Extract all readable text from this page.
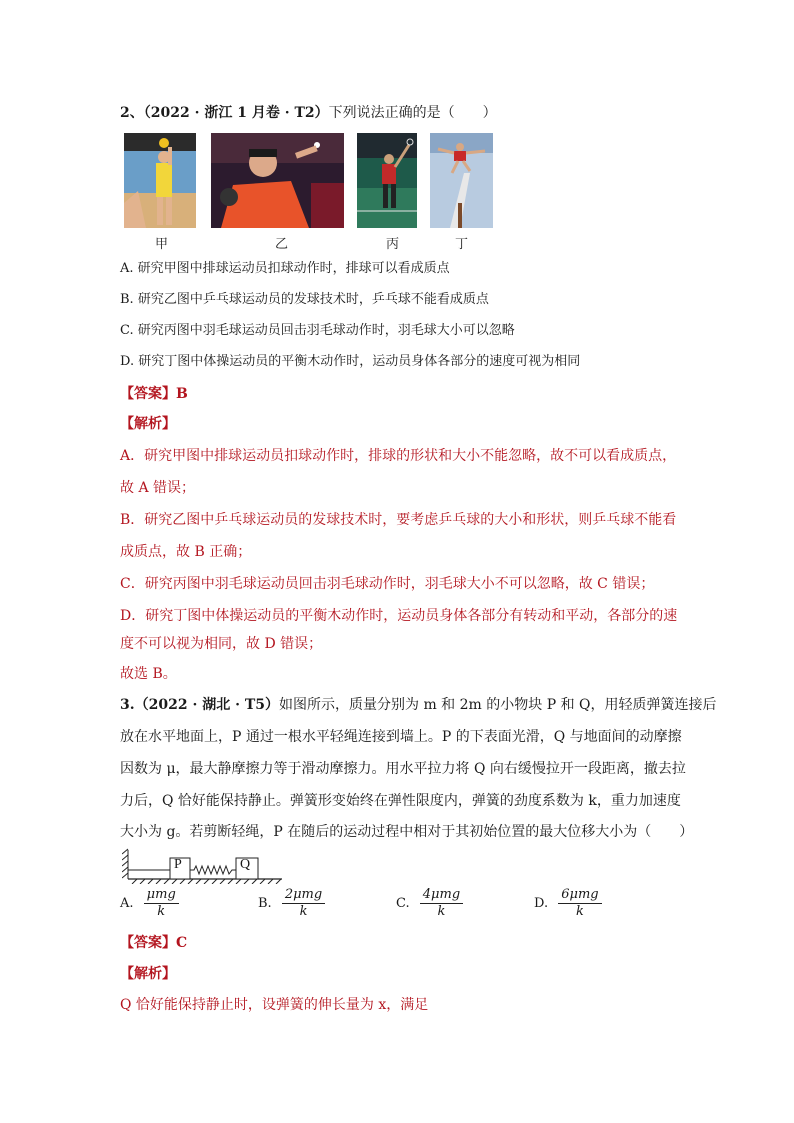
2、（2022 · 浙江 1 月卷 · T2）下列说法正确的是（　　）
甲	乙	丙	丁
A. 研究甲图中排球运动员扣球动作时，排球可以看成质点
B. 研究乙图中乒乓球运动员的发球技术时，乒乓球不能看成质点
C. 研究丙图中羽毛球运动员回击羽毛球动作时，羽毛球大小可以忽略
D. 研究丁图中体操运动员的平衡木动作时，运动员身体各部分的速度可视为相同
【答案】B
【解析】
A．研究甲图中排球运动员扣球动作时，排球的形状和大小不能忽略，故不可以看成质点，
故 A 错误；
B．研究乙图中乒乓球运动员的发球技术时，要考虑乒乓球的大小和形状，则乒乓球不能看
成质点，故 B 正确；
C．研究丙图中羽毛球运动员回击羽毛球动作时，羽毛球大小不可以忽略，故 C 错误；
D．研究丁图中体操运动员的平衡木动作时，运动员身体各部分有转动和平动，各部分的速
度不可以视为相同，故 D 错误；
故选 B。
3.（2022 · 湖北 · T5）如图所示，质量分别为 m 和 2m 的小物块 P 和 Q，用轻质弹簧连接后
放在水平地面上，P 通过一根水平轻绳连接到墙上。P 的下表面光滑，Q 与地面间的动摩擦
因数为 μ，最大静摩擦力等于滑动摩擦力。用水平拉力将 Q 向右缓慢拉开一段距离，撤去拉
力后，Q 恰好能保持静止。弹簧形变始终在弹性限度内，弹簧的劲度系数为 k，重力加速度
大小为 g。若剪断轻绳，P 在随后的运动过程中相对于其初始位置的最大位移大小为（　　）
P	Q
A. $\frac{\text{μmg}}{k}$	B. $\frac{\text{2μmg}}{k}$	C. $\frac{\text{4μmg}}{k}$	D. $\frac{\text{6μmg}}{k}$
【答案】C
【解析】
Q 恰好能保持静止时，设弹簧的伸长量为 x，满足
